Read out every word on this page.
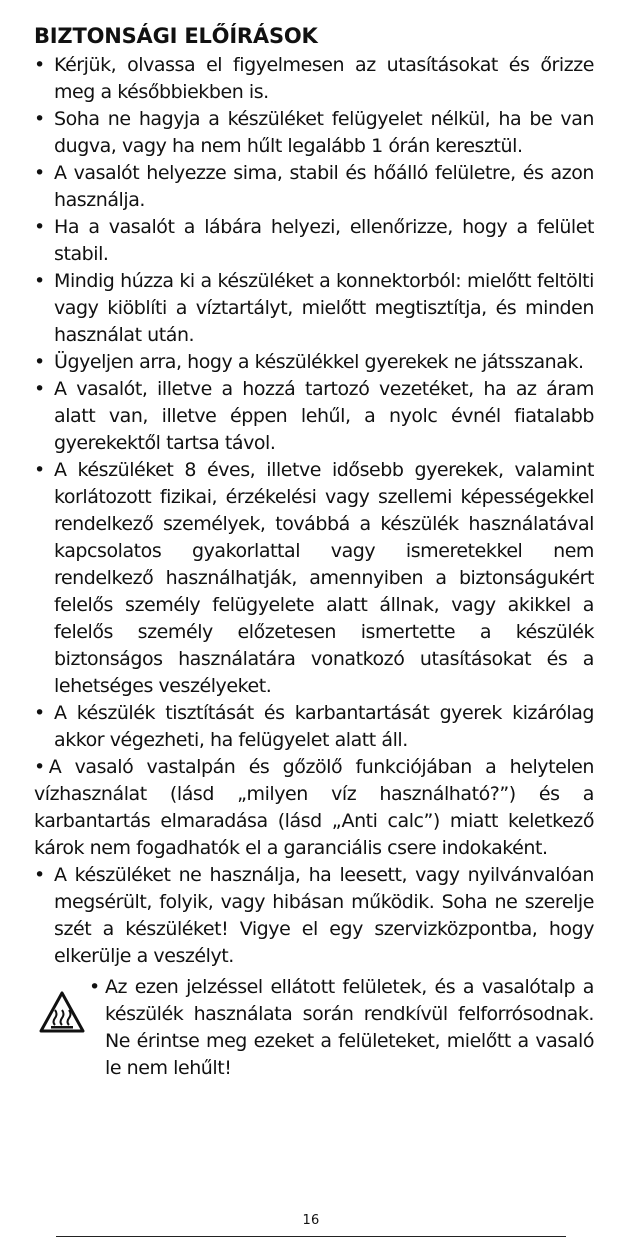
BIZTONSÁGI ELŐÍRÁSOK
• Kérjük, olvassa el figyelmesen az utasításokat és őrizze meg a későbbiekben is.
• Soha ne hagyja a készüléket felügyelet nélkül, ha be van dugva, vagy ha nem hűlt legalább 1 órán keresztül.
• A vasalót helyezze sima, stabil és hőálló felületre, és azon használja.
• Ha a vasalót a lábára helyezi, ellenőrizze, hogy a felület stabil.
• Mindig húzza ki a készüléket a konnektorból: mielőtt feltölti vagy kiöblíti a víztartályt, mielőtt megtisztítja, és minden használat után.
• Ügyeljen arra, hogy a készülékkel gyerekek ne játsszanak.
• A vasalót, illetve a hozzá tartozó vezetéket, ha az áram alatt van, illetve éppen lehűl, a nyolc évnél fiatalabb gyerekektől tartsa távol.
• A készüléket 8 éves, illetve idősebb gyerekek, valamint korlátozott fizikai, érzékelési vagy szellemi képességekkel rendelkező személyek, továbbá a készülék használatával kapcsolatos gyakorlattal vagy ismeretekkel nem rendelkező használhatják, amennyiben a biztonságukért felelős személy felügyelete alatt állnak, vagy akikkel a felelős személy előzetesen ismertette a készülék biztonságos használatára vonatkozó utasításokat és a lehetséges veszélyeket.
• A készülék tisztítását és karbantartását gyerek kizárólag akkor végezheti, ha felügyelet alatt áll.
• A vasaló vastalpán és gőzölő funkciójában a helytelen vízhasználat (lásd „milyen víz használható?”) és a karbantartás elmaradása (lásd „Anti calc”) miatt keletkező károk nem fogadhatók el a garanciális csere indokaként.
• A készüléket ne használja, ha leesett, vagy nyilvánvalóan megsérült, folyik, vagy hibásan működik. Soha ne szerelje szét a készüléket! Vigye el egy szervizközpontba, hogy elkerülje a veszélyt.
• Az ezen jelzéssel ellátott felületek, és a vasalótalp a készülék használata során rendkívül felforrósodnak. Ne érintse meg ezeket a felületeket, mielőtt a vasaló le nem lehűlt!
16
